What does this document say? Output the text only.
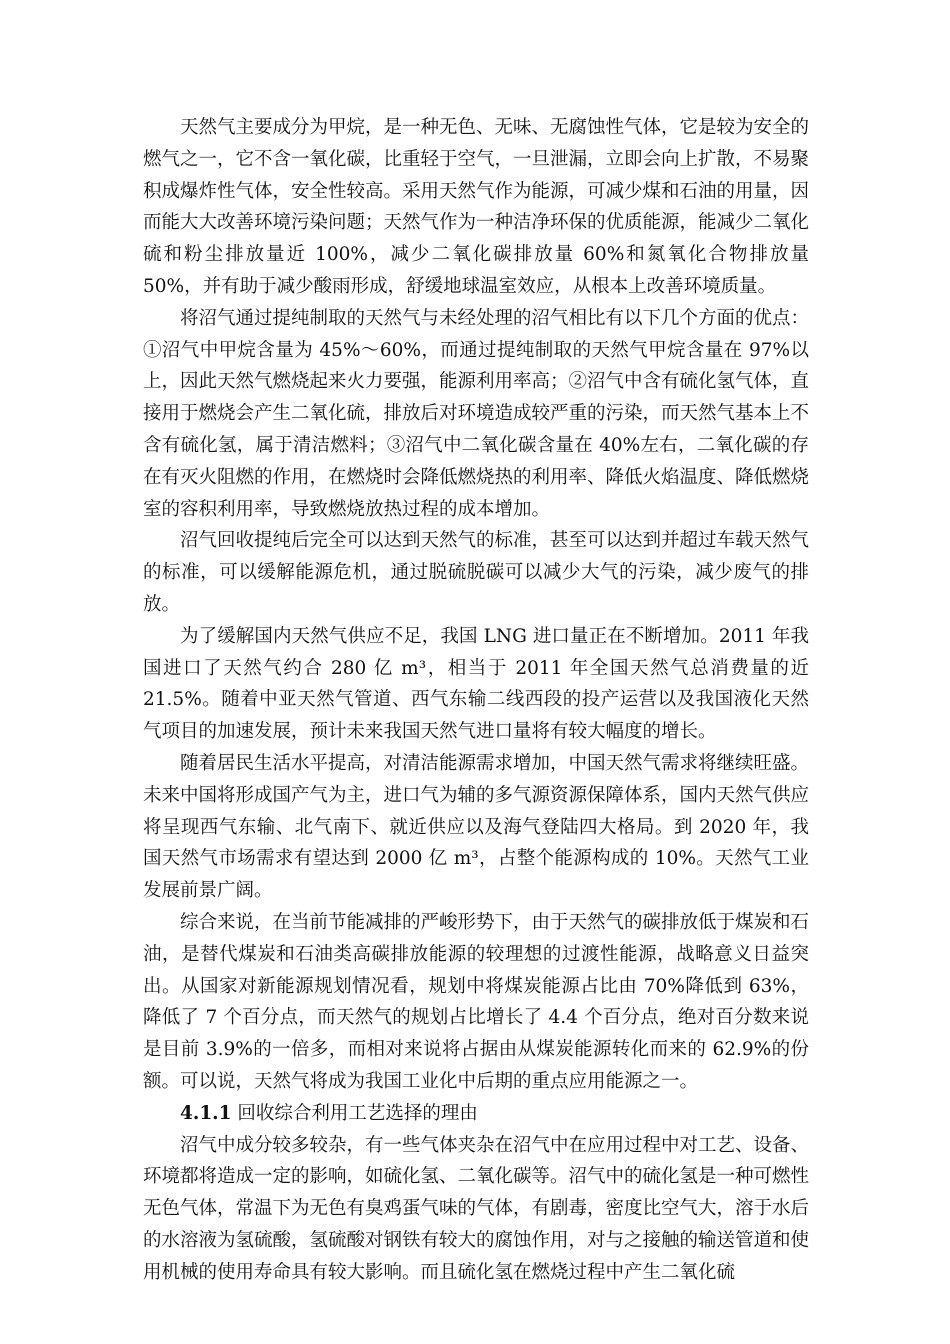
天然气主要成分为甲烷，是一种无色、无味、无腐蚀性气体，它是较为安全的燃气之一，它不含一氧化碳，比重轻于空气，一旦泄漏，立即会向上扩散，不易聚积成爆炸性气体，安全性较高。采用天然气作为能源，可减少煤和石油的用量，因而能大大改善环境污染问题；天然气作为一种洁净环保的优质能源，能减少二氧化硫和粉尘排放量近 100%，减少二氧化碳排放量 60%和氮氧化合物排放量 50%，并有助于减少酸雨形成，舒缓地球温室效应，从根本上改善环境质量。

将沼气通过提纯制取的天然气与未经处理的沼气相比有以下几个方面的优点：①沼气中甲烷含量为 45%～60%，而通过提纯制取的天然气甲烷含量在 97%以上，因此天然气燃烧起来火力要强，能源利用率高；②沼气中含有硫化氢气体，直接用于燃烧会产生二氧化硫，排放后对环境造成较严重的污染，而天然气基本上不含有硫化氢，属于清洁燃料；③沼气中二氧化碳含量在 40%左右，二氧化碳的存在有灭火阻燃的作用，在燃烧时会降低燃烧热的利用率、降低火焰温度、降低燃烧室的容积利用率，导致燃烧放热过程的成本增加。

沼气回收提纯后完全可以达到天然气的标准，甚至可以达到并超过车载天然气的标准，可以缓解能源危机，通过脱硫脱碳可以减少大气的污染，减少废气的排放。

为了缓解国内天然气供应不足，我国 LNG 进口量正在不断增加。2011 年我国进口了天然气约合 280 亿 m³，相当于 2011 年全国天然气总消费量的近 21.5%。随着中亚天然气管道、西气东输二线西段的投产运营以及我国液化天然气项目的加速发展，预计未来我国天然气进口量将有较大幅度的增长。

随着居民生活水平提高，对清洁能源需求增加，中国天然气需求将继续旺盛。未来中国将形成国产气为主，进口气为辅的多气源资源保障体系，国内天然气供应将呈现西气东输、北气南下、就近供应以及海气登陆四大格局。到 2020 年，我国天然气市场需求有望达到 2000 亿 m³，占整个能源构成的 10%。天然气工业发展前景广阔。

综合来说，在当前节能减排的严峻形势下，由于天然气的碳排放低于煤炭和石油，是替代煤炭和石油类高碳排放能源的较理想的过渡性能源，战略意义日益突出。从国家对新能源规划情况看，规划中将煤炭能源占比由 70%降低到 63%，降低了 7 个百分点，而天然气的规划占比增长了 4.4 个百分点，绝对百分数来说是目前 3.9%的一倍多，而相对来说将占据由从煤炭能源转化而来的 62.9%的份额。可以说，天然气将成为我国工业化中后期的重点应用能源之一。

4.1.1 回收综合利用工艺选择的理由

沼气中成分较多较杂，有一些气体夹杂在沼气中在应用过程中对工艺、设备、环境都将造成一定的影响，如硫化氢、二氧化碳等。沼气中的硫化氢是一种可燃性无色气体，常温下为无色有臭鸡蛋气味的气体，有剧毒，密度比空气大，溶于水后的水溶液为氢硫酸，氢硫酸对钢铁有较大的腐蚀作用，对与之接触的输送管道和使用机械的使用寿命具有较大影响。而且硫化氢在燃烧过程中产生二氧化硫
